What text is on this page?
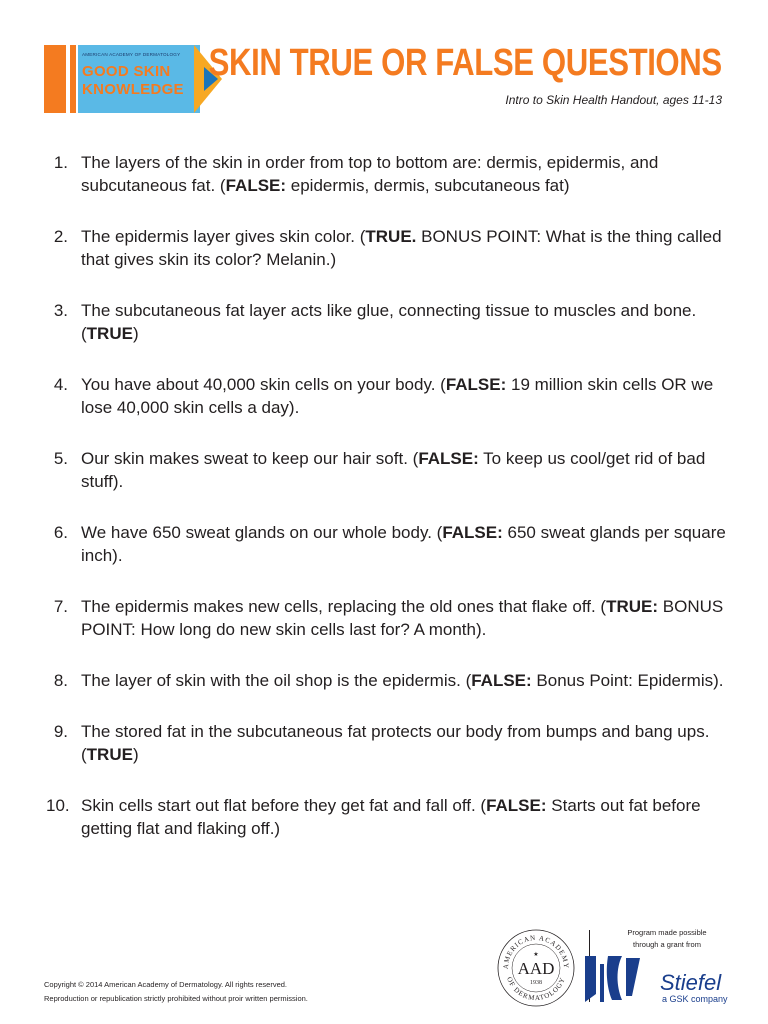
AMERICAN ACADEMY OF DERMATOLOGY
GOOD SKIN
KNOWLEDGE
SKIN TRUE OR FALSE QUESTIONS
Intro to Skin Health Handout, ages 11-13
1. The layers of the skin in order from top to bottom are: dermis, epidermis, and subcutaneous fat. (FALSE: epidermis, dermis, subcutaneous fat)
2. The epidermis layer gives skin color. (TRUE. BONUS POINT: What is the thing called that gives skin its color? Melanin.)
3. The subcutaneous fat layer acts like glue, connecting tissue to muscles and bone. (TRUE)
4. You have about 40,000 skin cells on your body. (FALSE: 19 million skin cells OR we lose 40,000 skin cells a day).
5. Our skin makes sweat to keep our hair soft. (FALSE: To keep us cool/get rid of bad stuff).
6. We have 650 sweat glands on our whole body. (FALSE: 650 sweat glands per square inch).
7. The epidermis makes new cells, replacing the old ones that flake off. (TRUE: BONUS POINT: How long do new skin cells last for? A month).
8. The layer of skin with the oil shop is the epidermis. (FALSE: Bonus Point: Epidermis).
9. The stored fat in the subcutaneous fat protects our body from bumps and bang ups. (TRUE)
10. Skin cells start out flat before they get fat and fall off. (FALSE: Starts out fat before getting flat and flaking off.)
Copyright © 2014 American Academy of Dermatology. All rights reserved.
Reproduction or republication strictly prohibited without proir written permission.
AMERICAN ACADEMY
OF DERMATOLOGY
AAD
1938
★
Program made possible
through a grant from
Stiefel
a GSK company
